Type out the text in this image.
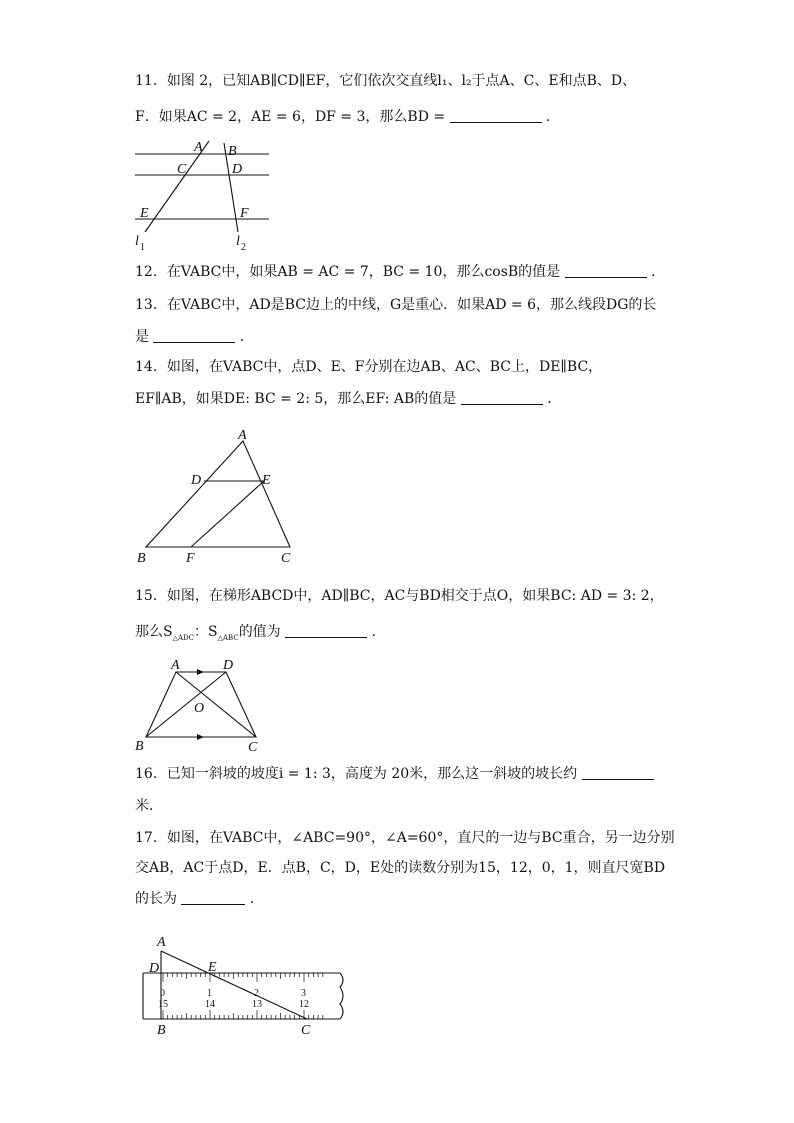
11．如图 2，已知AB∥CD∥EF，它们依次交直线l₁、l₂于点A、C、E和点B、D、
F．如果AC = 2，AE = 6，DF = 3，那么BD =	．
A B
C	D
E	F
l 1	l 2
12．在VABC中，如果AB = AC = 7，BC = 10，那么cosB的值是	．
13．在VABC中，AD是BC边上的中线，G是重心．如果AD = 6，那么线段DG的长
是	．
14．如图，在VABC中，点D、E、F分别在边AB、AC、BC上，DE∥BC，
EF∥AB，如果DE: BC = 2: 5，那么EF: AB的值是	．
A
D	E
B	F	C
15．如图，在梯形ABCD中，AD∥BC，AC与BD相交于点O，如果BC: AD = 3: 2，
那么$S_{\triangle ADC}$：$S_{\triangle ABC}$的值为	．
A	D
O
B	C
16．已知一斜坡的坡度i = 1: 3，高度为 20米，那么这一斜坡的坡长约
米．
17．如图，在VABC中，∠ABC=90°，∠A=60°，直尺的一边与BC重合，另一边分别
交AB，AC于点D，E．点B，C，D，E处的读数分别为15，12，0，1，则直尺宽BD
的长为	．
0	1	2	3
15	14	13	12
A
D	E
B	C
